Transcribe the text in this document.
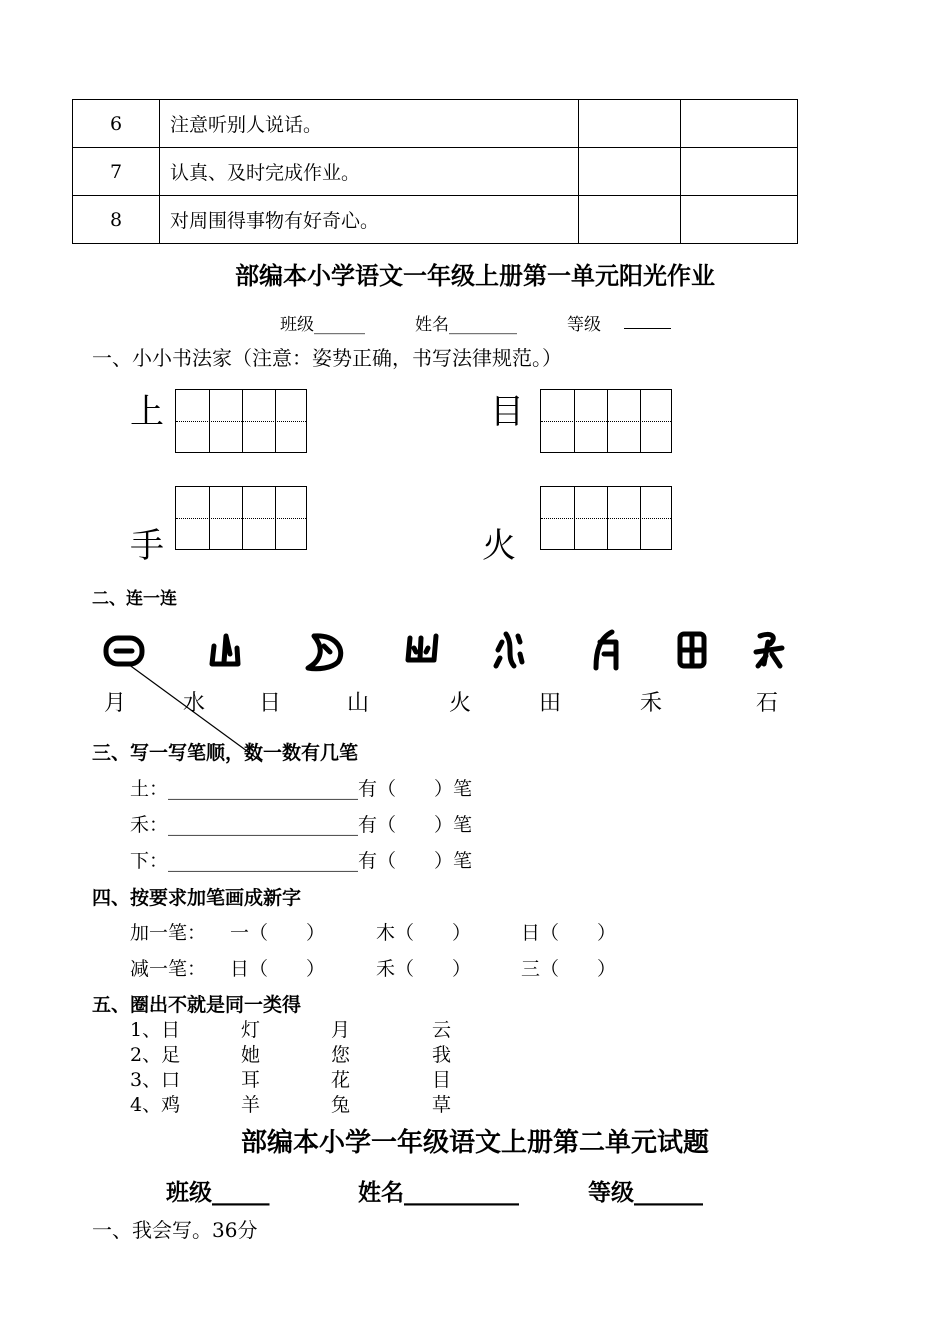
6	注意听别人说话。		
7	认真、及时完成作业。		
8	对周围得事物有好奇心。		
部编本小学语文一年级上册第一单元阳光作业
班级______	姓名________	等级
一、小小书法家（注意：姿势正确，书写法律规范。）
上	目
手	火
二、连一连
月	水 日	山	火	田	禾	石
三、写一写笔顺，数一数有几笔
土：____________________有（　　）笔
禾：____________________有（　　）笔
下：____________________有（　　）笔
四、按要求加笔画成新字
加一笔： 一（　　）	木（　　）	日（　　）
减一笔： 日（　　）	禾（　　）	三（　　）
五、圈出不就是同一类得
1、日	灯	月	云
2、足	她	您	我
3、口	耳	花	目
4、鸡	羊	兔	草
部编本小学一年级语文上册第二单元试题
班级_____	姓名__________	等级______
一、我会写。36分
